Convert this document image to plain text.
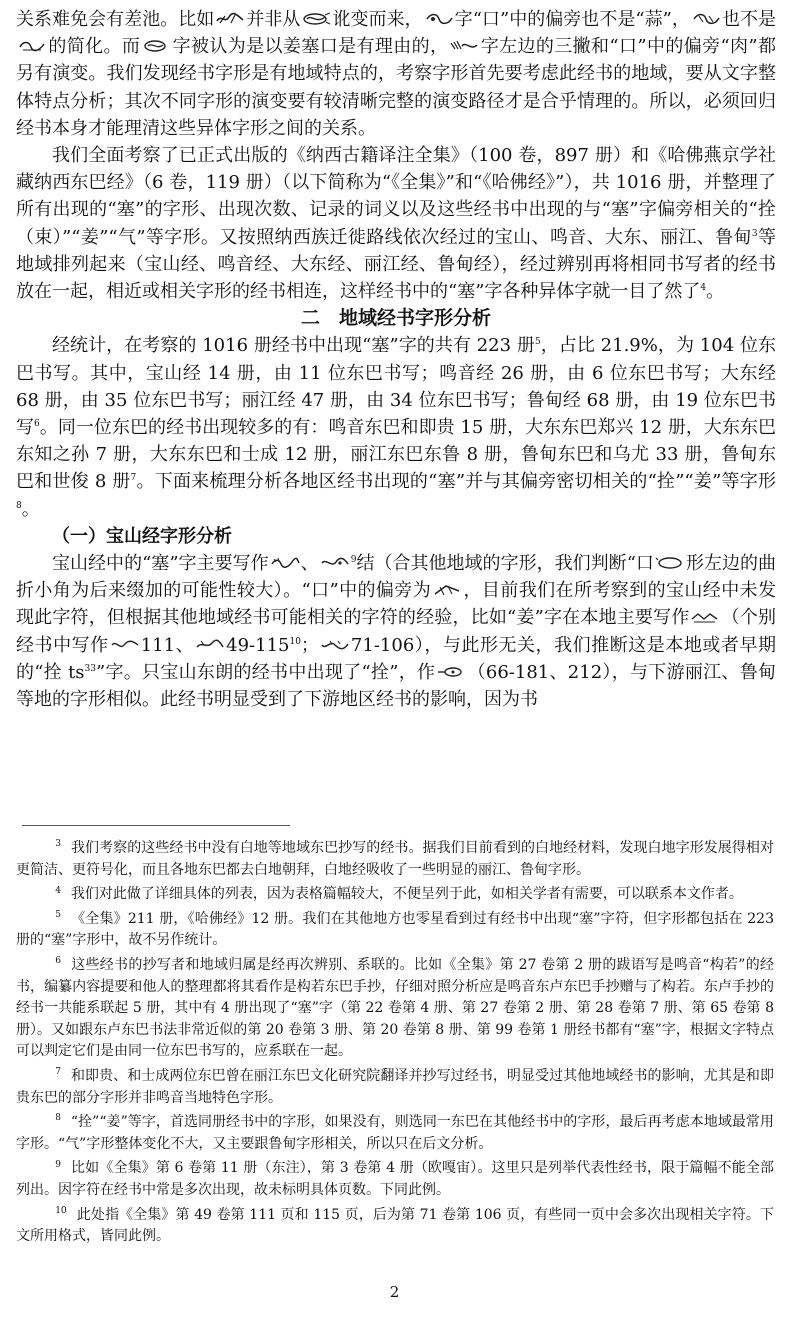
关系难免会有差池。比如 并非从 讹变而来， 字“口”中的偏旁也不是“蒜”， 也不是
的简化。而 字被认为是以姜塞口是有理由的， 字左边的三撇和“口”中的偏旁“肉”都另有演变。我们发现经书字形是有地域特点的，考察字形首先要考虑此经书的地域，要从文字整体特点分析；其次不同字形的演变要有较清晰完整的演变路径才是合乎情理的。所以，必须回归经书本身才能理清这些异体字形之间的关系。

我们全面考察了已正式出版的《纳西古籍译注全集》（100 卷，897 册）和《哈佛燕京学社藏纳西东巴经》（6 卷，119 册）（以下简称为“《全集》”和“《哈佛经》”），共 1016 册，并整理了所有出现的“塞”的字形、出现次数、记录的词义以及这些经书中出现的与“塞”字偏旁相关的“拴（束）”“姜”“气”等字形。又按照纳西族迁徙路线依次经过的宝山、鸣音、大东、丽江、鲁甸$^3$等地域排列起来（宝山经、鸣音经、大东经、丽江经、鲁甸经），经过辨别再将相同书写者的经书放在一起，相近或相关字形的经书相连，这样经书中的“塞”字各种异体字就一目了然了$^4$。

二　地域经书字形分析

经统计，在考察的 1016 册经书中出现“塞”字的共有 223 册$^5$，占比 21.9%，为 104 位东巴书写。其中，宝山经 14 册，由 11 位东巴书写；鸣音经 26 册，由 6 位东巴书写；大东经 68 册，由 35 位东巴书写；丽江经 47 册，由 34 位东巴书写；鲁甸经 68 册，由 19 位东巴书写$^6$。同一位东巴的经书出现较多的有：鸣音东巴和即贵 15 册，大东东巴郑兴 12 册，大东东巴东知之孙 7 册，大东东巴和士成 12 册，丽江东巴东鲁 8 册，鲁甸东巴和乌尤 33 册，鲁甸东巴和世俊 8 册$^7$。下面来梳理分析各地区经书出现的“塞”并与其偏旁密切相关的“拴”“姜”等字形$^8$。

（一）宝山经字形分析

宝山经中的“塞”字主要写作 、	$^9$结（合其他地域的字形，我们判断“口 形左边的曲折小角为后来缀加的可能性较大）。“口”中的偏旁为 ，目前我们在所考察到的宝山经中未发现此字符，但根据其他地域经书可能相关的字符的经验，比如“姜”字在本地主要写作 （个别经书中写作 111、 $49-115^{10}$； 71-106），与此形无关，我们推断这是本地或者早期的“拴 $ts^{33}$”字。只宝山东朗的经书中出现了“拴”，作 （66-181、212），与下游丽江、鲁甸等地的字形相似。此经书明显受到了下游地区经书的影响，因为书

$^3$ 我们考察的这些经书中没有白地等地域东巴抄写的经书。据我们目前看到的白地经材料，发现白地字形发展得相对更简洁、更符号化，而且各地东巴都去白地朝拜，白地经吸收了一些明显的丽江、鲁甸字形。

$^4$ 我们对此做了详细具体的列表，因为表格篇幅较大，不便呈列于此，如相关学者有需要，可以联系本文作者。

$^5$ 《全集》211 册，《哈佛经》12 册。我们在其他地方也零星看到过有经书中出现“塞”字符，但字形都包括在 223 册的“塞”字形中，故不另作统计。

$^6$ 这些经书的抄写者和地域归属是经再次辨别、系联的。比如《全集》第 27 卷第 2 册的跋语写是鸣音“构若”的经书，编纂内容提要和他人的整理都将其看作是构若东巴手抄，仔细对照分析应是鸣音东卢东巴手抄赠与了构若。东卢手抄的经书一共能系联起 5 册，其中有 4 册出现了“塞”字（第 22 卷第 4 册、第 27 卷第 2 册、第 28 卷第 7 册、第 65 卷第 8 册）。又如跟东卢东巴书法非常近似的第 20 卷第 3 册、第 20 卷第 8 册、第 99 卷第 1 册经书都有“塞”字，根据文字特点可以判定它们是由同一位东巴书写的，应系联在一起。

$^7$ 和即贵、和士成两位东巴曾在丽江东巴文化研究院翻译并抄写过经书，明显受过其他地域经书的影响，尤其是和即贵东巴的部分字形并非鸣音当地特色字形。

$^8$ “拴”“姜”等字，首选同册经书中的字形，如果没有，则选同一东巴在其他经书中的字形，最后再考虑本地域最常用字形。“气”字形整体变化不大，又主要跟鲁甸字形相关，所以只在后文分析。

$^9$ 比如《全集》第 6 卷第 11 册（东注），第 3 卷第 4 册（欧嘎宙）。这里只是列举代表性经书，限于篇幅不能全部列出。因字符在经书中常是多次出现，故未标明具体页数。下同此例。

$^{10}$ 此处指《全集》第 49 卷第 111 页和 115 页，后为第 71 卷第 106 页，有些同一页中会多次出现相关字符。下文所用格式，皆同此例。

2
